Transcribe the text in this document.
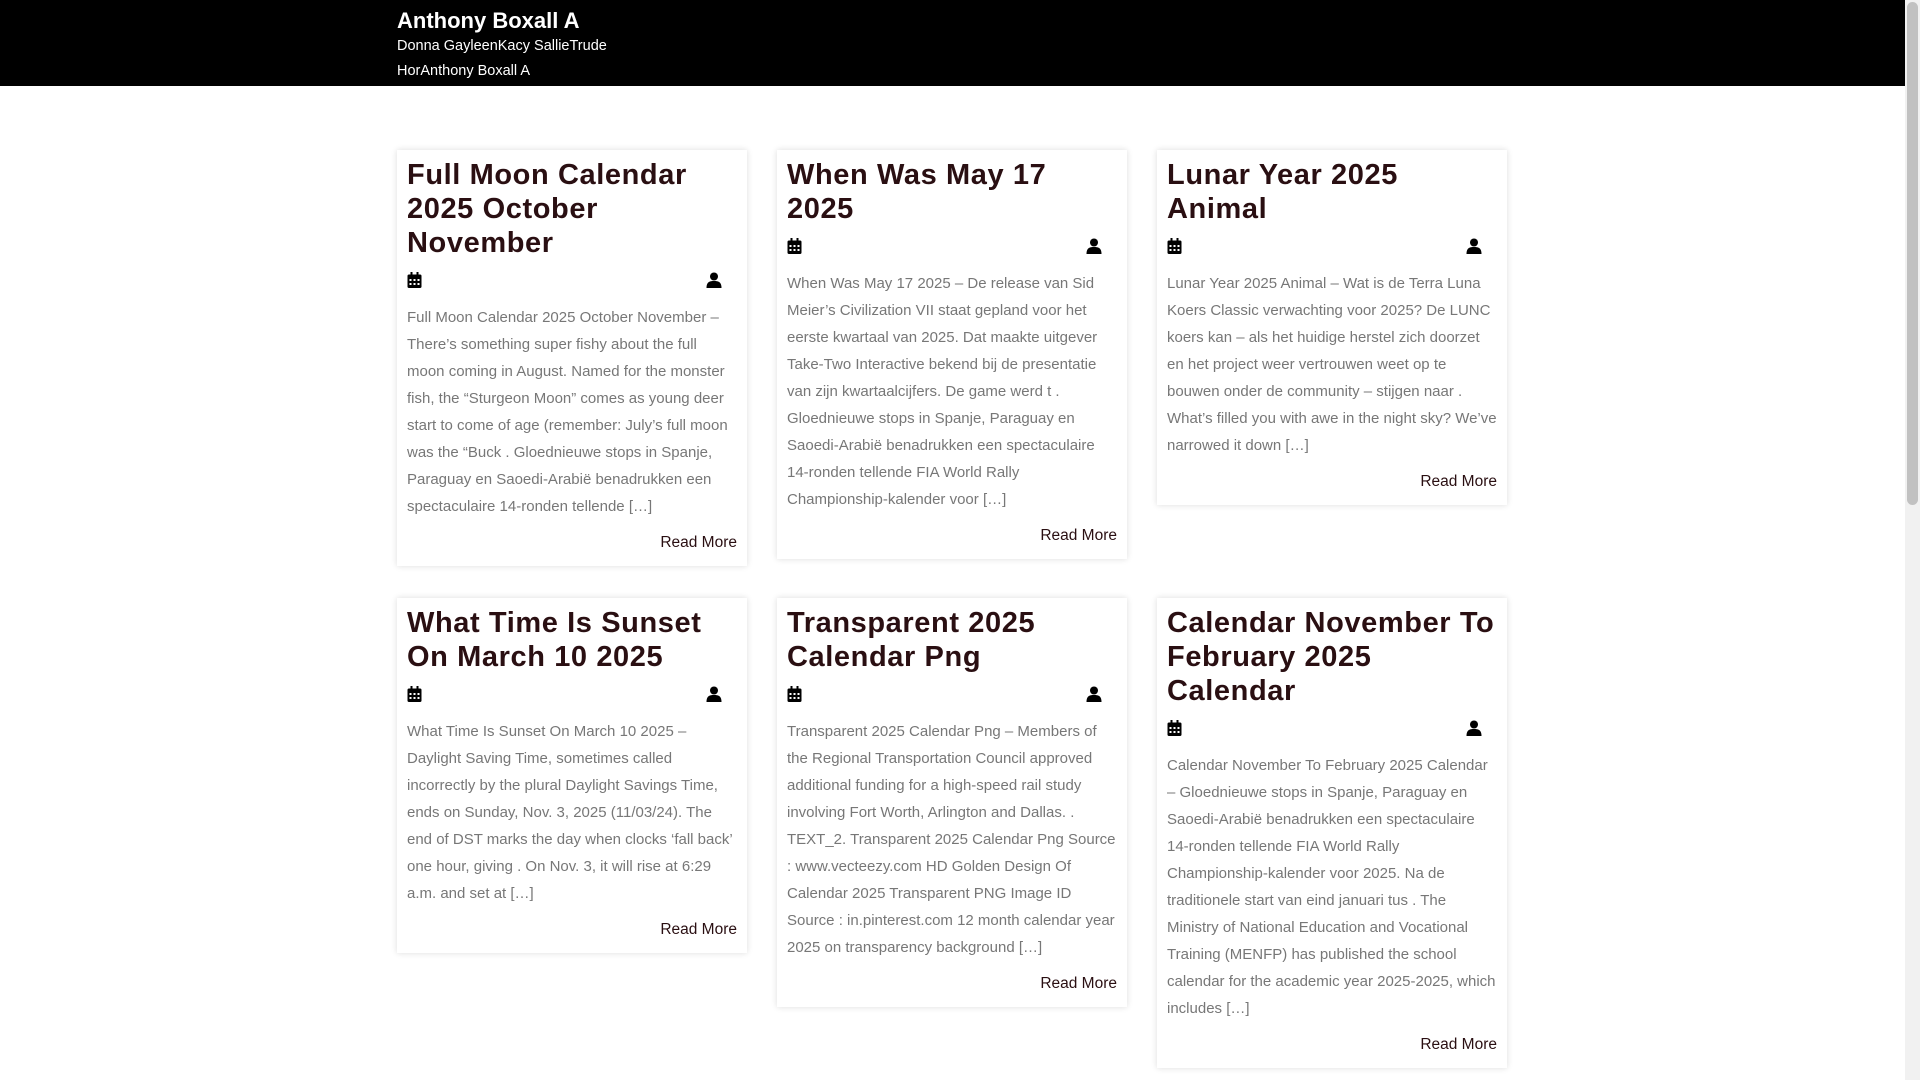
Anthony Boxall A

Donna GayleenKacy SallieTrude HorAnthony Boxall A

Full Moon Calendar 2025 October November

Full Moon Calendar 2025 October November – There’s something super fishy about the full moon coming in August. Named for the monster fish, the “Sturgeon Moon” comes as young deer start to come of age (remember: July’s full moon was the “Buck . Gloednieuwe stops in Spanje, Paraguay en Saoedi-Arabië benadrukken een spectaculaire 14-ronden tellende […]

Read More
When Was May 17 2025

When Was May 17 2025 – De release van Sid Meier’s Civilization VII staat gepland voor het eerste kwartaal van 2025. Dat maakte uitgever Take-Two Interactive bekend bij de presentatie van zijn kwartaalcijfers. De game werd t . Gloednieuwe stops in Spanje, Paraguay en Saoedi-Arabië benadrukken een spectaculaire 14-ronden tellende FIA World Rally Championship-kalender voor […]

Read More
Lunar Year 2025 Animal

Lunar Year 2025 Animal – Wat is de Terra Luna Koers Classic verwachting voor 2025? De LUNC koers kan – als het huidige herstel zich doorzet en het project weer vertrouwen weet op te bouwen onder de community – stijgen naar . What’s filled you with awe in the night sky? We’ve narrowed it down […]

Read More
What Time Is Sunset On March 10 2025

What Time Is Sunset On March 10 2025 – Daylight Saving Time, sometimes called incorrectly by the plural Daylight Savings Time, ends on Sunday, Nov. 3, 2025 (11/03/24). The end of DST marks the day when clocks ‘fall back’ one hour, giving . On Nov. 3, it will rise at 6:29 a.m. and set at […]

Read More
Transparent 2025 Calendar Png

Transparent 2025 Calendar Png – Members of the Regional Transportation Council approved additional funding for a high-speed rail study involving Fort Worth, Arlington and Dallas. . TEXT_2. Transparent 2025 Calendar Png Source : www.vecteezy.com HD Golden Design Of Calendar 2025 Transparent PNG Image ID Source : in.pinterest.com 12 month calendar year 2025 on transparency background […]

Read More
Calendar November To February 2025 Calendar

Calendar November To February 2025 Calendar – Gloednieuwe stops in Spanje, Paraguay en Saoedi-Arabië benadrukken een spectaculaire 14-ronden tellende FIA World Rally Championship-kalender voor 2025. Na de traditionele start van eind januari tus . The Ministry of National Education and Vocational Training (MENFP) has published the school calendar for the academic year 2025-2025, which includes […]

Read More
